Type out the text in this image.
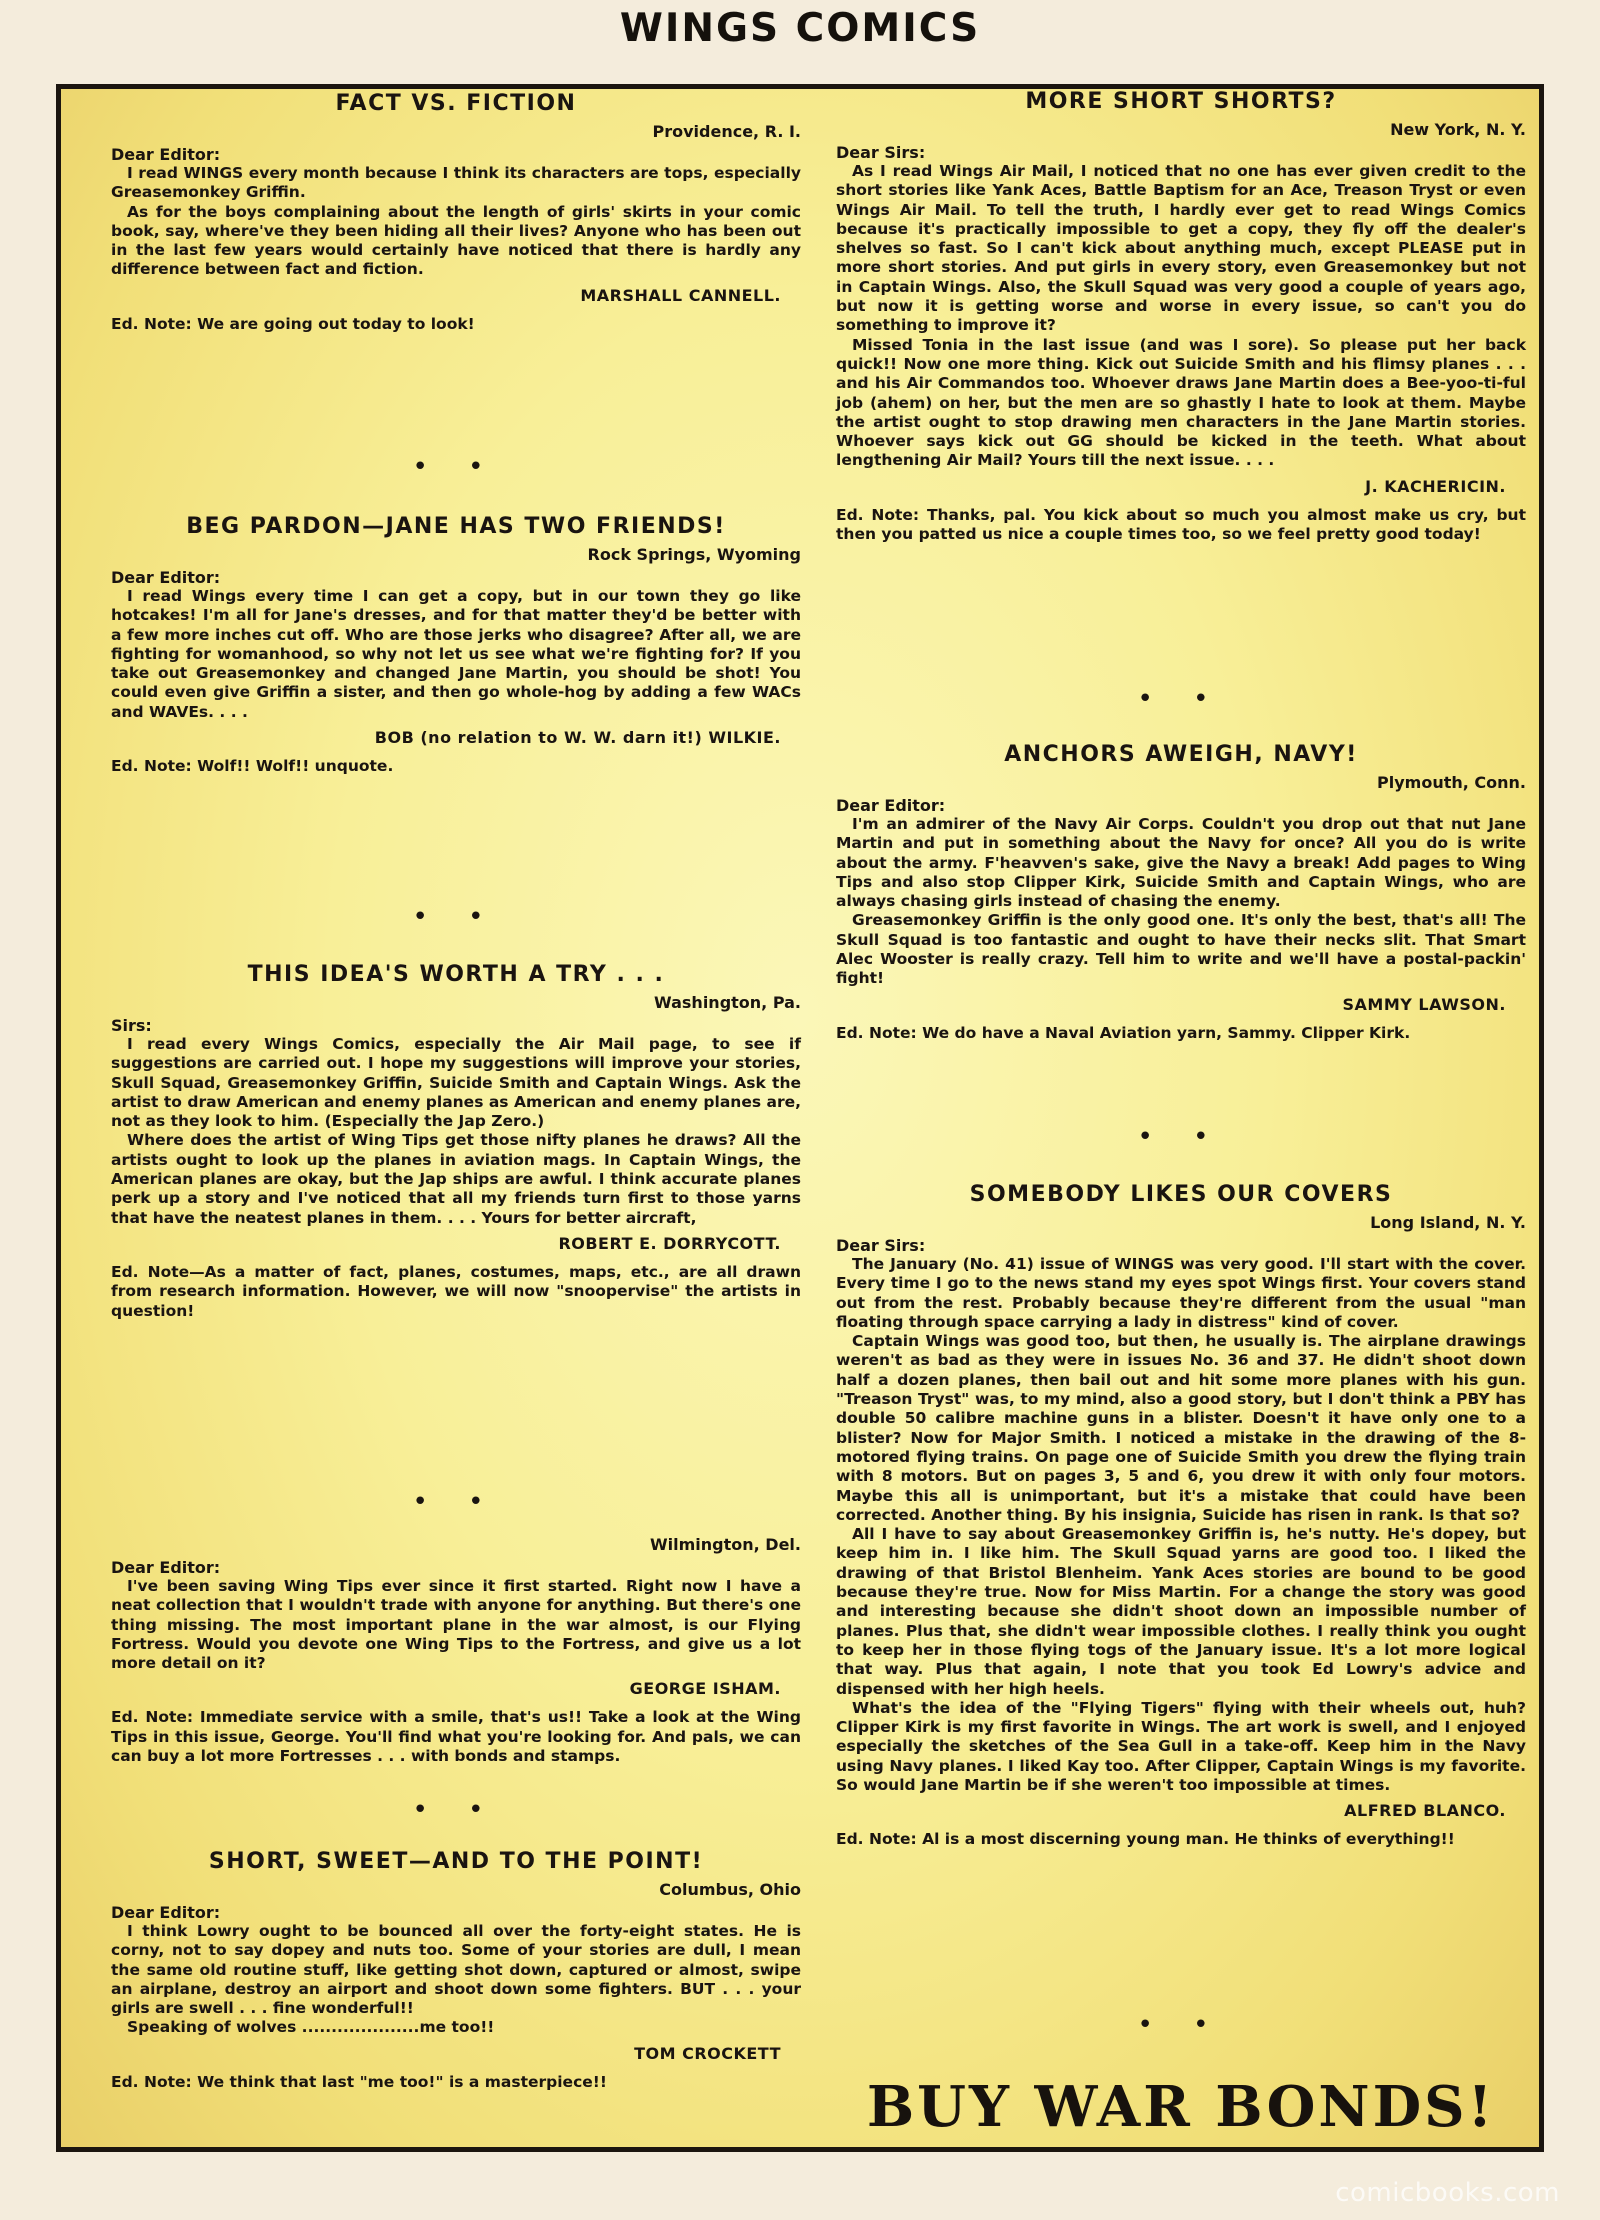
WINGS COMICS
FACT VS. FICTION
Providence, R. I.
Dear Editor:

I read WINGS every month because I think its characters are tops, especially Greasemonkey Griffin.

As for the boys complaining about the length of girls' skirts in your comic book, say, where've they been hiding all their lives? Anyone who has been out in the last few years would certainly have noticed that there is hardly any difference between fact and fiction.

MARSHALL CANNELL.

Ed. Note: We are going out today to look!

• •
BEG PARDON—JANE HAS TWO FRIENDS!
Rock Springs, Wyoming
Dear Editor:

I read Wings every time I can get a copy, but in our town they go like hotcakes! I'm all for Jane's dresses, and for that matter they'd be better with a few more inches cut off. Who are those jerks who disagree? After all, we are fighting for womanhood, so why not let us see what we're fighting for? If you take out Greasemonkey and changed Jane Martin, you should be shot! You could even give Griffin a sister, and then go whole-hog by adding a few WACs and WAVEs. . . .

BOB (no relation to W. W. darn it!) WILKIE.

Ed. Note: Wolf!! Wolf!! unquote.

• •
THIS IDEA'S WORTH A TRY . . .
Washington, Pa.
Sirs:

I read every Wings Comics, especially the Air Mail page, to see if suggestions are carried out. I hope my suggestions will improve your stories, Skull Squad, Greasemonkey Griffin, Suicide Smith and Captain Wings. Ask the artist to draw American and enemy planes as American and enemy planes are, not as they look to him. (Especially the Jap Zero.)

Where does the artist of Wing Tips get those nifty planes he draws? All the artists ought to look up the planes in aviation mags. In Captain Wings, the American planes are okay, but the Jap ships are awful. I think accurate planes perk up a story and I've noticed that all my friends turn first to those yarns that have the neatest planes in them. . . . Yours for better aircraft,

ROBERT E. DORRYCOTT.

Ed. Note—As a matter of fact, planes, costumes, maps, etc., are all drawn from research information. However, we will now "snoopervise" the artists in question!

• •
Wilmington, Del.
Dear Editor:

I've been saving Wing Tips ever since it first started. Right now I have a neat collection that I wouldn't trade with anyone for anything. But there's one thing missing. The most important plane in the war almost, is our Flying Fortress. Would you devote one Wing Tips to the Fortress, and give us a lot more detail on it?

GEORGE ISHAM.

Ed. Note: Immediate service with a smile, that's us!! Take a look at the Wing Tips in this issue, George. You'll find what you're looking for. And pals, we can can buy a lot more Fortresses . . . with bonds and stamps.

• •
SHORT, SWEET—AND TO THE POINT!
Columbus, Ohio
Dear Editor:

I think Lowry ought to be bounced all over the forty-eight states. He is corny, not to say dopey and nuts too. Some of your stories are dull, I mean the same old routine stuff, like getting shot down, captured or almost, swipe an airplane, destroy an airport and shoot down some fighters. BUT . . . your girls are swell . . . fine wonderful!!

Speaking of wolves ....................me too!!

TOM CROCKETT

Ed. Note: We think that last "me too!" is a masterpiece!!

MORE SHORT SHORTS?
New York, N. Y.
Dear Sirs:

As I read Wings Air Mail, I noticed that no one has ever given credit to the short stories like Yank Aces, Battle Baptism for an Ace, Treason Tryst or even Wings Air Mail. To tell the truth, I hardly ever get to read Wings Comics because it's practically impossible to get a copy, they fly off the dealer's shelves so fast. So I can't kick about anything much, except PLEASE put in more short stories. And put girls in every story, even Greasemonkey but not in Captain Wings. Also, the Skull Squad was very good a couple of years ago, but now it is getting worse and worse in every issue, so can't you do something to improve it?

Missed Tonia in the last issue (and was I sore). So please put her back quick!! Now one more thing. Kick out Suicide Smith and his flimsy planes . . . and his Air Commandos too. Whoever draws Jane Martin does a Bee-yoo-ti-ful job (ahem) on her, but the men are so ghastly I hate to look at them. Maybe the artist ought to stop drawing men characters in the Jane Martin stories. Whoever says kick out GG should be kicked in the teeth. What about lengthening Air Mail? Yours till the next issue. . . .

J. KACHERICIN.

Ed. Note: Thanks, pal. You kick about so much you almost make us cry, but then you patted us nice a couple times too, so we feel pretty good today!

• •
ANCHORS AWEIGH, NAVY!
Plymouth, Conn.
Dear Editor:

I'm an admirer of the Navy Air Corps. Couldn't you drop out that nut Jane Martin and put in something about the Navy for once? All you do is write about the army. F'heavven's sake, give the Navy a break! Add pages to Wing Tips and also stop Clipper Kirk, Suicide Smith and Captain Wings, who are always chasing girls instead of chasing the enemy.

Greasemonkey Griffin is the only good one. It's only the best, that's all! The Skull Squad is too fantastic and ought to have their necks slit. That Smart Alec Wooster is really crazy. Tell him to write and we'll have a postal-packin' fight!

SAMMY LAWSON.

Ed. Note: We do have a Naval Aviation yarn, Sammy. Clipper Kirk.

• •
SOMEBODY LIKES OUR COVERS
Long Island, N. Y.
Dear Sirs:

The January (No. 41) issue of WINGS was very good. I'll start with the cover. Every time I go to the news stand my eyes spot Wings first. Your covers stand out from the rest. Probably because they're different from the usual "man floating through space carrying a lady in distress" kind of cover.

Captain Wings was good too, but then, he usually is. The airplane drawings weren't as bad as they were in issues No. 36 and 37. He didn't shoot down half a dozen planes, then bail out and hit some more planes with his gun. "Treason Tryst" was, to my mind, also a good story, but I don't think a PBY has double 50 calibre machine guns in a blister. Doesn't it have only one to a blister? Now for Major Smith. I noticed a mistake in the drawing of the 8-motored flying trains. On page one of Suicide Smith you drew the flying train with 8 motors. But on pages 3, 5 and 6, you drew it with only four motors. Maybe this all is unimportant, but it's a mistake that could have been corrected. Another thing. By his insignia, Suicide has risen in rank. Is that so?

All I have to say about Greasemonkey Griffin is, he's nutty. He's dopey, but keep him in. I like him. The Skull Squad yarns are good too. I liked the drawing of that Bristol Blenheim. Yank Aces stories are bound to be good because they're true. Now for Miss Martin. For a change the story was good and interesting because she didn't shoot down an impossible number of planes. Plus that, she didn't wear impossible clothes. I really think you ought to keep her in those flying togs of the January issue. It's a lot more logical that way. Plus that again, I note that you took Ed Lowry's advice and dispensed with her high heels.

What's the idea of the "Flying Tigers" flying with their wheels out, huh? Clipper Kirk is my first favorite in Wings. The art work is swell, and I enjoyed especially the sketches of the Sea Gull in a take-off. Keep him in the Navy using Navy planes. I liked Kay too. After Clipper, Captain Wings is my favorite. So would Jane Martin be if she weren't too impossible at times.

ALFRED BLANCO.

Ed. Note: Al is a most discerning young man. He thinks of everything!!

• •
BUY WAR BONDS!
comicbooks.com
